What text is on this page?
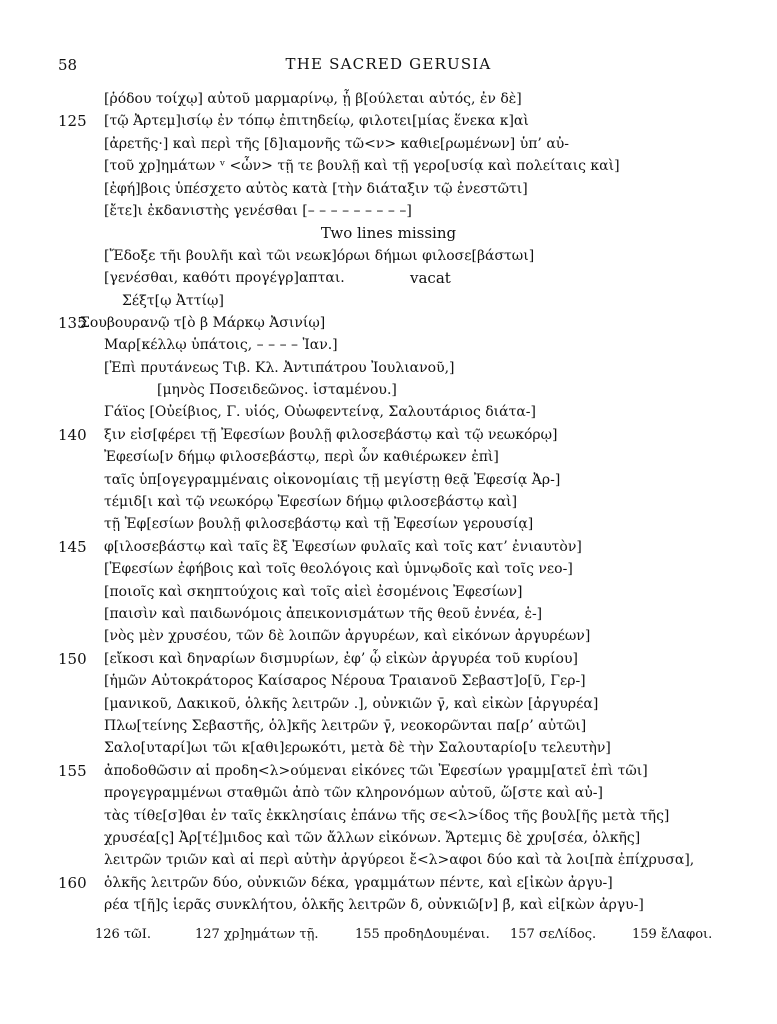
58	THE SACRED GERUSIA
[ῥόδου τοίχῳ] αὐτοῦ μαρμαρίνῳ, ᾗ β[ούλεται αὐτός, ἐν δὲ]
125	[τῷ Ἀρτεμ]ισίῳ ἐν τόπῳ ἐπιτηδείῳ, φιλοτει[μίας ἕνεκα κ]αὶ
[ἀρετῆς·] καὶ περὶ τῆς [δ]ιαμονῆς τῶ<ν> καθιε[ρωμένων] ὑπ’ αὐ-
[τοῦ χρ]ημάτων ᵛ <ὧν> τῇ τε βουλῇ καὶ τῇ γερο[υσίᾳ καὶ πολείταις καὶ]
[ἐφή]βοις ὑπέσχετο αὐτὸς κατὰ [τὴν διάταξιν τῷ ἐνεστῶτι]
[ἔτε]ι ἐκδανιστὴς γενέσθαι [– – – – – – – – –]
Two lines missing
[Ἔδοξε τῆι βουλῆι καὶ τῶι νεωκ]όρωι δήμωι φιλοσε[βάστωι]
[γενέσθαι, καθότι προγέγρ]απται.	vacat
Σέξτ[ῳ Ἀττίῳ]
135
Σουβουρανῷ τ[ὸ β Μάρκῳ Ἀσινίῳ]
Μαρ[κέλλῳ ὑπάτοις, – – – – Ἰαν.]
[Ἐπὶ πρυτάνεως Τιβ. Κλ. Ἀντιπάτρου Ἰουλιανοῦ,]
[μηνὸς Ποσειδεῶνος. ἱσταμένου.]
Γάϊος [Οὐείβιος, Γ. υἱός, Οὐωφεντείνᾳ, Σαλουτάριος διάτα-]
140	ξιν εἰσ[φέρει τῇ Ἐφεσίων βουλῇ φιλοσεβάστῳ καὶ τῷ νεωκόρῳ]
Ἐφεσίω[ν δήμῳ φιλοσεβάστῳ, περὶ ὧν καθιέρωκεν ἐπὶ]
ταῖς ὑπ[ογεγραμμέναις οἰκονομίαις τῇ μεγίστῃ θεᾷ Ἐφεσίᾳ Ἀρ-]
τέμιδ[ι καὶ τῷ νεωκόρῳ Ἐφεσίων δήμῳ φιλοσεβάστῳ καὶ]
τῇ Ἐφ[εσίων βουλῇ φιλοσεβάστῳ καὶ τῇ Ἐφεσίων γερουσίᾳ]
145	φ[ιλοσεβάστῳ καὶ ταῖς ἓξ Ἐφεσίων φυλαῖς καὶ τοῖς κατ’ ἐνιαυτὸν]
[Ἐφεσίων ἐφήβοις καὶ τοῖς θεολόγοις καὶ ὑμνῳδοῖς καὶ τοῖς νεο-]
[ποιοῖς καὶ σκηπτούχοις καὶ τοῖς αἰεὶ ἐσομένοις Ἐφεσίων]
[παισὶν καὶ παιδωνόμοις ἀπεικονισμάτων τῆς θεοῦ ἐννέα, ἑ-]
[νὸς μὲν χρυσέου, τῶν δὲ λοιπῶν ἀργυρέων, καὶ εἰκόνων ἀργυρέων]
150	[εἴκοσι καὶ δηναρίων δισμυρίων, ἐφ’ ᾧ εἰκὼν ἀργυρέα τοῦ κυρίου]
[ἡμῶν Αὐτοκράτορος Καίσαρος Νέρουα Τραιανοῦ Σεβαστ]ο[ῦ, Γερ-]
[μανικοῦ, Δακικοῦ, ὁλκῆς λειτρῶν .], οὐνκιῶν γ̄, καὶ εἰκὼν [ἀργυρέα]
Πλω[τείνης Σεβαστῆς, ὁλ]κῆς λειτρῶν γ̄, νεοκορῶνται πα[ρ’ αὐτῶι]
Σαλο[υταρί]ωι τῶι κ[αθι]ερωκότι, μετὰ δὲ τὴν Σαλουταρίο[υ τελευτὴν]
155	ἀποδοθῶσιν αἱ προδη<λ>ούμεναι εἰκόνες τῶι Ἐφεσίων γραμμ[ατεῖ ἐπὶ τῶι]
προγεγραμμένωι σταθμῶι ἀπὸ τῶν κληρονόμων αὐτοῦ, ὥ[στε καὶ αὐ-]
τὰς τίθε[σ]θαι ἐν ταῖς ἐκκλησίαις ἐπάνω τῆς σε<λ>ίδος τῆς βουλ[ῆς μετὰ τῆς]
χρυσέα[ς] Ἀρ[τέ]μιδος καὶ τῶν ἄλλων εἰκόνων. Ἄρτεμις δὲ χρυ[σέα, ὁλκῆς]
λειτρῶν τριῶν καὶ αἱ περὶ αὐτὴν ἀργύρεοι ἔ<λ>αφοι δύο καὶ τὰ λοι[πὰ ἐπίχρυσα],
160	ὁλκῆς λειτρῶν δύο, οὐνκιῶν δέκα, γραμμάτων πέντε, καὶ ε[ἰκὼν ἀργυ-]
ρέα τ[ῆ]ς ἱερᾶς συνκλήτου, ὁλκῆς λειτρῶν δ, οὐνκιῶ[ν] β̄, καὶ εἰ[κὼν ἀργυ-]
126 τῶΙ.	127 χρ]ημάτων τῇ.	155 προδηΔουμέναι. 157 σεΛίδος.	159 ἔΛαφοι.
